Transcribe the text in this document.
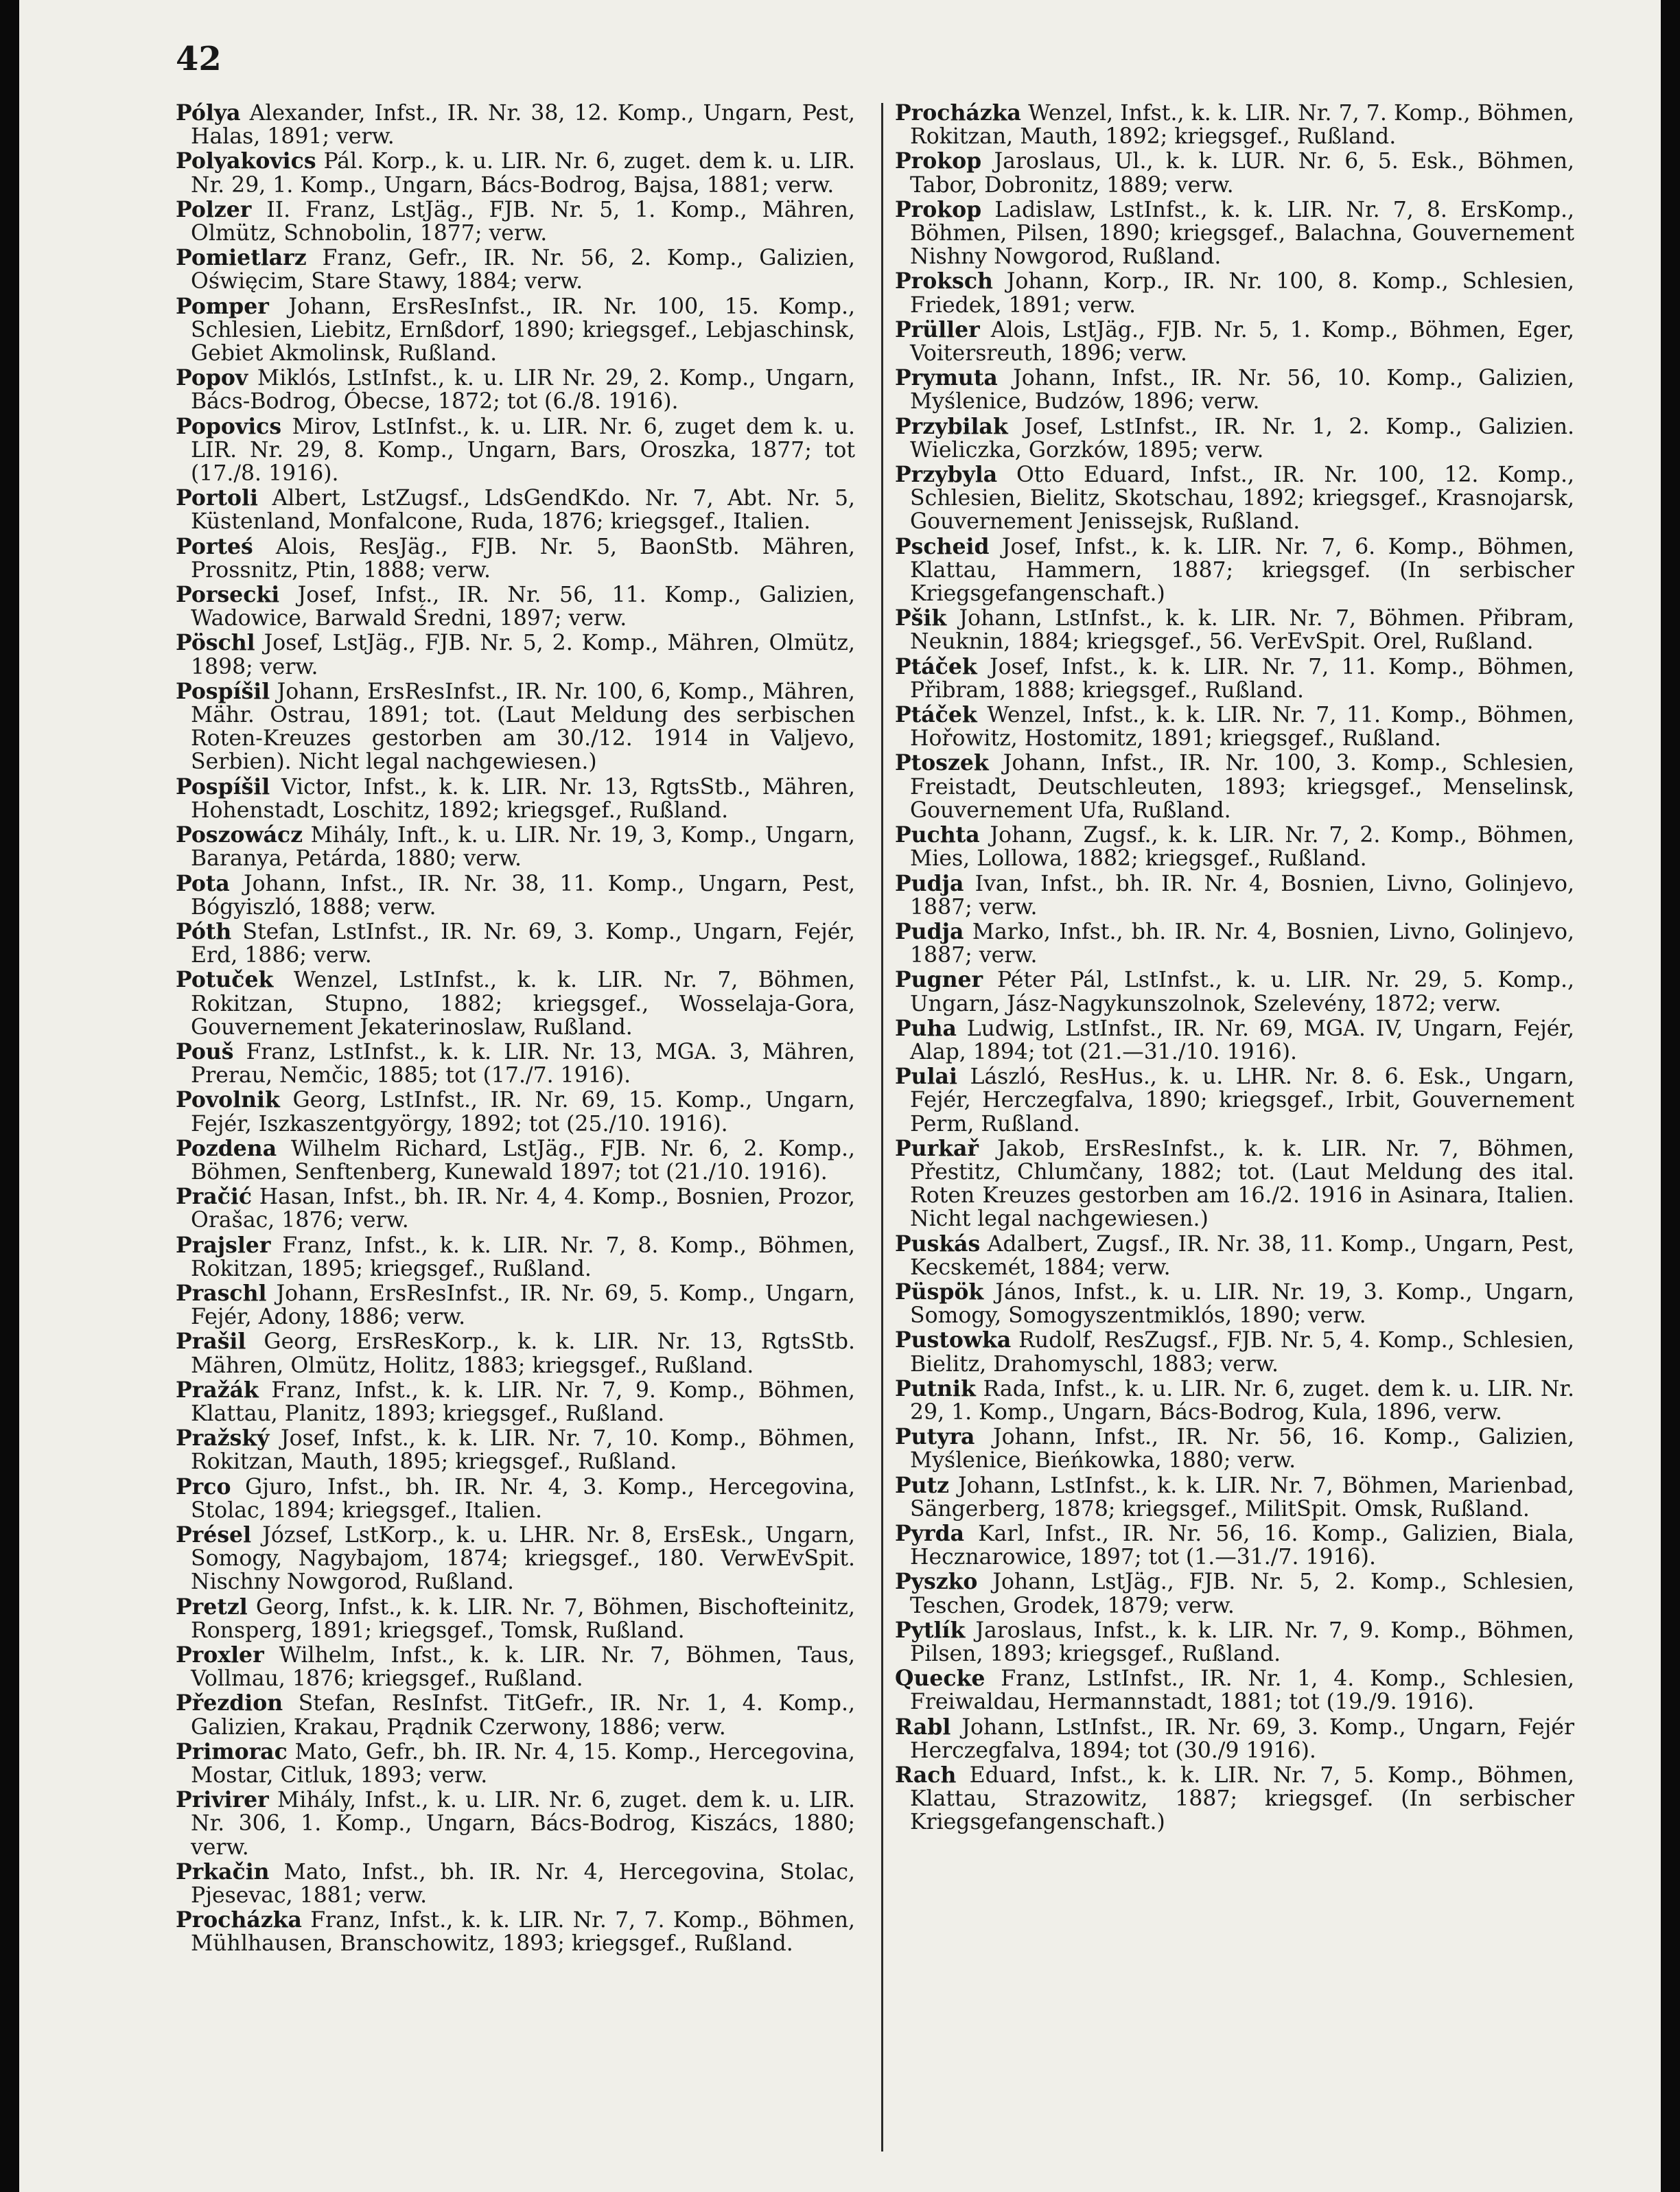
42

Pólya Alexander, Infst., IR. Nr. 38, 12. Komp., Ungarn, Pest, Halas, 1891; verw.

Polyakovics Pál. Korp., k. u. LIR. Nr. 6, zuget. dem k. u. LIR. Nr. 29, 1. Komp., Ungarn, Bács-Bodrog, Bajsa, 1881; verw.

Polzer II. Franz, LstJäg., FJB. Nr. 5, 1. Komp., Mähren, Olmütz, Schnobolin, 1877; verw.

Pomietlarz Franz, Gefr., IR. Nr. 56, 2. Komp., Galizien, Oświęcim, Stare Stawy, 1884; verw.

Pomper Johann, ErsResInfst., IR. Nr. 100, 15. Komp., Schlesien, Liebitz, Ernßdorf, 1890; kriegsgef., Lebjaschinsk, Gebiet Akmolinsk, Rußland.

Popov Miklós, LstInfst., k. u. LIR Nr. 29, 2. Komp., Ungarn, Bács-Bodrog, Óbecse, 1872; tot (6./8. 1916).

Popovics Mirov, LstInfst., k. u. LIR. Nr. 6, zuget dem k. u. LIR. Nr. 29, 8. Komp., Ungarn, Bars, Oroszka, 1877; tot (17./8. 1916).

Portoli Albert, LstZugsf., LdsGendKdo. Nr. 7, Abt. Nr. 5, Küstenland, Monfalcone, Ruda, 1876; kriegsgef., Italien.

Porteś Alois, ResJäg., FJB. Nr. 5, BaonStb. Mähren, Prossnitz, Ptin, 1888; verw.

Porsecki Josef, Infst., IR. Nr. 56, 11. Komp., Galizien, Wadowice, Barwald Średni, 1897; verw.

Pöschl Josef, LstJäg., FJB. Nr. 5, 2. Komp., Mähren, Olmütz, 1898; verw.

Pospíšil Johann, ErsResInfst., IR. Nr. 100, 6, Komp., Mähren, Mähr. Ostrau, 1891; tot. (Laut Meldung des serbischen Roten-Kreuzes gestorben am 30./12. 1914 in Valjevo, Serbien). Nicht legal nachgewiesen.)

Pospíšil Victor, Infst., k. k. LIR. Nr. 13, RgtsStb., Mähren, Hohenstadt, Loschitz, 1892; kriegsgef., Rußland.

Poszowácz Mihály, Inft., k. u. LIR. Nr. 19, 3, Komp., Ungarn, Baranya, Petárda, 1880; verw.

Pota Johann, Infst., IR. Nr. 38, 11. Komp., Ungarn, Pest, Bógyiszló, 1888; verw.

Póth Stefan, LstInfst., IR. Nr. 69, 3. Komp., Ungarn, Fejér, Erd, 1886; verw.

Potuček Wenzel, LstInfst., k. k. LIR. Nr. 7, Böhmen, Rokitzan, Stupno, 1882; kriegsgef., Wosselaja-Gora, Gouvernement Jekaterinoslaw, Rußland.

Pouš Franz, LstInfst., k. k. LIR. Nr. 13, MGA. 3, Mähren, Prerau, Nemčic, 1885; tot (17./7. 1916).

Povolnik Georg, LstInfst., IR. Nr. 69, 15. Komp., Ungarn, Fejér, Iszkaszentgyörgy, 1892; tot (25./10. 1916).

Pozdena Wilhelm Richard, LstJäg., FJB. Nr. 6, 2. Komp., Böhmen, Senftenberg, Kunewald 1897; tot (21./10. 1916).

Pračić Hasan, Infst., bh. IR. Nr. 4, 4. Komp., Bosnien, Prozor, Orašac, 1876; verw.

Prajsler Franz, Infst., k. k. LIR. Nr. 7, 8. Komp., Böhmen, Rokitzan, 1895; kriegsgef., Rußland.

Praschl Johann, ErsResInfst., IR. Nr. 69, 5. Komp., Ungarn, Fejér, Adony, 1886; verw.

Prašil Georg, ErsResKorp., k. k. LIR. Nr. 13, RgtsStb. Mähren, Olmütz, Holitz, 1883; kriegsgef., Rußland.

Pražák Franz, Infst., k. k. LIR. Nr. 7, 9. Komp., Böhmen, Klattau, Planitz, 1893; kriegsgef., Rußland.

Pražský Josef, Infst., k. k. LIR. Nr. 7, 10. Komp., Böhmen, Rokitzan, Mauth, 1895; kriegsgef., Rußland.

Prco Gjuro, Infst., bh. IR. Nr. 4, 3. Komp., Hercegovina, Stolac, 1894; kriegsgef., Italien.

Présel József, LstKorp., k. u. LHR. Nr. 8, ErsEsk., Ungarn, Somogy, Nagybajom, 1874; kriegsgef., 180. VerwEvSpit. Nischny Nowgorod, Rußland.

Pretzl Georg, Infst., k. k. LIR. Nr. 7, Böhmen, Bischofteinitz, Ronsperg, 1891; kriegsgef., Tomsk, Rußland.

Proxler Wilhelm, Infst., k. k. LIR. Nr. 7, Böhmen, Taus, Vollmau, 1876; kriegsgef., Rußland.

Přezdion Stefan, ResInfst. TitGefr., IR. Nr. 1, 4. Komp., Galizien, Krakau, Prądnik Czerwony, 1886; verw.

Primorac Mato, Gefr., bh. IR. Nr. 4, 15. Komp., Hercegovina, Mostar, Citluk, 1893; verw.

Privirer Mihály, Infst., k. u. LIR. Nr. 6, zuget. dem k. u. LIR. Nr. 306, 1. Komp., Ungarn, Bács-Bodrog, Kiszács, 1880; verw.

Prkačin Mato, Infst., bh. IR. Nr. 4, Hercegovina, Stolac, Pjesevac, 1881; verw.

Procházka Franz, Infst., k. k. LIR. Nr. 7, 7. Komp., Böhmen, Mühlhausen, Branschowitz, 1893; kriegsgef., Rußland.

Procházka Wenzel, Infst., k. k. LIR. Nr. 7, 7. Komp., Böhmen, Rokitzan, Mauth, 1892; kriegsgef., Rußland.

Prokop Jaroslaus, Ul., k. k. LUR. Nr. 6, 5. Esk., Böhmen, Tabor, Dobronitz, 1889; verw.

Prokop Ladislaw, LstInfst., k. k. LIR. Nr. 7, 8. ErsKomp., Böhmen, Pilsen, 1890; kriegsgef., Balachna, Gouvernement Nishny Nowgorod, Rußland.

Proksch Johann, Korp., IR. Nr. 100, 8. Komp., Schlesien, Friedek, 1891; verw.

Prüller Alois, LstJäg., FJB. Nr. 5, 1. Komp., Böhmen, Eger, Voitersreuth, 1896; verw.

Prymuta Johann, Infst., IR. Nr. 56, 10. Komp., Galizien, Myślenice, Budzów, 1896; verw.

Przybilak Josef, LstInfst., IR. Nr. 1, 2. Komp., Galizien. Wieliczka, Gorzków, 1895; verw.

Przybyla Otto Eduard, Infst., IR. Nr. 100, 12. Komp., Schlesien, Bielitz, Skotschau, 1892; kriegsgef., Krasnojarsk, Gouvernement Jenissejsk, Rußland.

Pscheid Josef, Infst., k. k. LIR. Nr. 7, 6. Komp., Böhmen, Klattau, Hammern, 1887; kriegsgef. (In serbischer Kriegsgefangenschaft.)

Pšik Johann, LstInfst., k. k. LIR. Nr. 7, Böhmen. Přibram, Neuknin, 1884; kriegsgef., 56. VerEvSpit. Orel, Rußland.

Ptáček Josef, Infst., k. k. LIR. Nr. 7, 11. Komp., Böhmen, Přibram, 1888; kriegsgef., Rußland.

Ptáček Wenzel, Infst., k. k. LIR. Nr. 7, 11. Komp., Böhmen, Hořowitz, Hostomitz, 1891; kriegsgef., Rußland.

Ptoszek Johann, Infst., IR. Nr. 100, 3. Komp., Schlesien, Freistadt, Deutschleuten, 1893; kriegsgef., Menselinsk, Gouvernement Ufa, Rußland.

Puchta Johann, Zugsf., k. k. LIR. Nr. 7, 2. Komp., Böhmen, Mies, Lollowa, 1882; kriegsgef., Rußland.

Pudja Ivan, Infst., bh. IR. Nr. 4, Bosnien, Livno, Golinjevo, 1887; verw.

Pudja Marko, Infst., bh. IR. Nr. 4, Bosnien, Livno, Golinjevo, 1887; verw.

Pugner Péter Pál, LstInfst., k. u. LIR. Nr. 29, 5. Komp., Ungarn, Jász-Nagykunszolnok, Szelevény, 1872; verw.

Puha Ludwig, LstInfst., IR. Nr. 69, MGA. IV, Ungarn, Fejér, Alap, 1894; tot (21.—31./10. 1916).

Pulai László, ResHus., k. u. LHR. Nr. 8. 6. Esk., Ungarn, Fejér, Herczegfalva, 1890; kriegsgef., Irbit, Gouvernement Perm, Rußland.

Purkař Jakob, ErsResInfst., k. k. LIR. Nr. 7, Böhmen, Přestitz, Chlumčany, 1882; tot. (Laut Meldung des ital. Roten Kreuzes gestorben am 16./2. 1916 in Asinara, Italien. Nicht legal nachgewiesen.)

Puskás Adalbert, Zugsf., IR. Nr. 38, 11. Komp., Ungarn, Pest, Kecskemét, 1884; verw.

Püspök János, Infst., k. u. LIR. Nr. 19, 3. Komp., Ungarn, Somogy, Somogyszentmiklós, 1890; verw.

Pustowka Rudolf, ResZugsf., FJB. Nr. 5, 4. Komp., Schlesien, Bielitz, Drahomyschl, 1883; verw.

Putnik Rada, Infst., k. u. LIR. Nr. 6, zuget. dem k. u. LIR. Nr. 29, 1. Komp., Ungarn, Bács-Bodrog, Kula, 1896, verw.

Putyra Johann, Infst., IR. Nr. 56, 16. Komp., Galizien, Myślenice, Bieńkowka, 1880; verw.

Putz Johann, LstInfst., k. k. LIR. Nr. 7, Böhmen, Marienbad, Sängerberg, 1878; kriegsgef., MilitSpit. Omsk, Rußland.

Pyrda Karl, Infst., IR. Nr. 56, 16. Komp., Galizien, Biala, Hecznarowice, 1897; tot (1.—31./7. 1916).

Pyszko Johann, LstJäg., FJB. Nr. 5, 2. Komp., Schlesien, Teschen, Grodek, 1879; verw.

Pytlík Jaroslaus, Infst., k. k. LIR. Nr. 7, 9. Komp., Böhmen, Pilsen, 1893; kriegsgef., Rußland.

Quecke Franz, LstInfst., IR. Nr. 1, 4. Komp., Schlesien, Freiwaldau, Hermannstadt, 1881; tot (19./9. 1916).

Rabl Johann, LstInfst., IR. Nr. 69, 3. Komp., Ungarn, Fejér Herczegfalva, 1894; tot (30./9 1916).

Rach Eduard, Infst., k. k. LIR. Nr. 7, 5. Komp., Böhmen, Klattau, Strazowitz, 1887; kriegsgef. (In serbischer Kriegsgefangenschaft.)
